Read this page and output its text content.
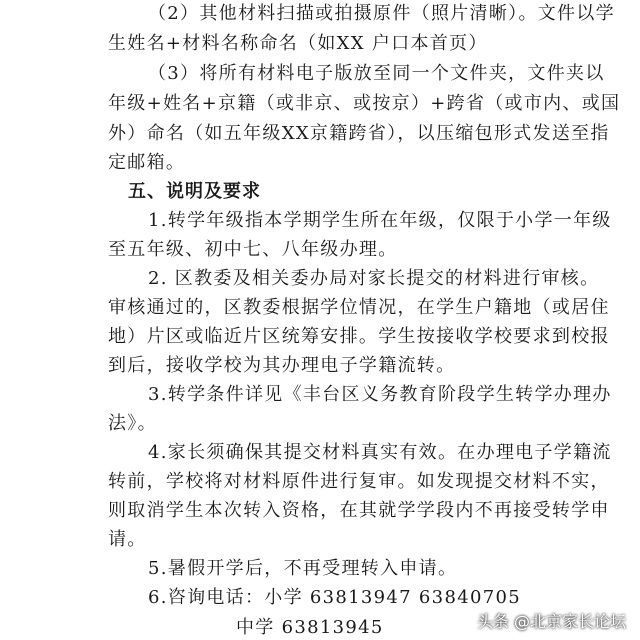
（2）其他材料扫描或拍摄原件（照片清晰）。文件以学
生姓名+材料名称命名（如XX 户口本首页）
（3）将所有材料电子版放至同一个文件夹，文件夹以
年级+姓名+京籍（或非京、或按京）+跨省（或市内、或国
外）命名（如五年级XX京籍跨省），以压缩包形式发送至指
定邮箱。
五、说明及要求
1.转学年级指本学期学生所在年级，仅限于小学一年级
至五年级、初中七、八年级办理。
2. 区教委及相关委办局对家长提交的材料进行审核。
审核通过的，区教委根据学位情况，在学生户籍地（或居住
地）片区或临近片区统筹安排。学生按接收学校要求到校报
到后，接收学校为其办理电子学籍流转。
3.转学条件详见《丰台区义务教育阶段学生转学办理办
法》。
4.家长须确保其提交材料真实有效。在办理电子学籍流
转前，学校将对材料原件进行复审。如发现提交材料不实，
则取消学生本次转入资格，在其就学学段内不再接受转学申
请。
5.暑假开学后，不再受理转入申请。
6.咨询电话：小学 63813947 63840705
中学 63813945	头条 @北京家长论坛
